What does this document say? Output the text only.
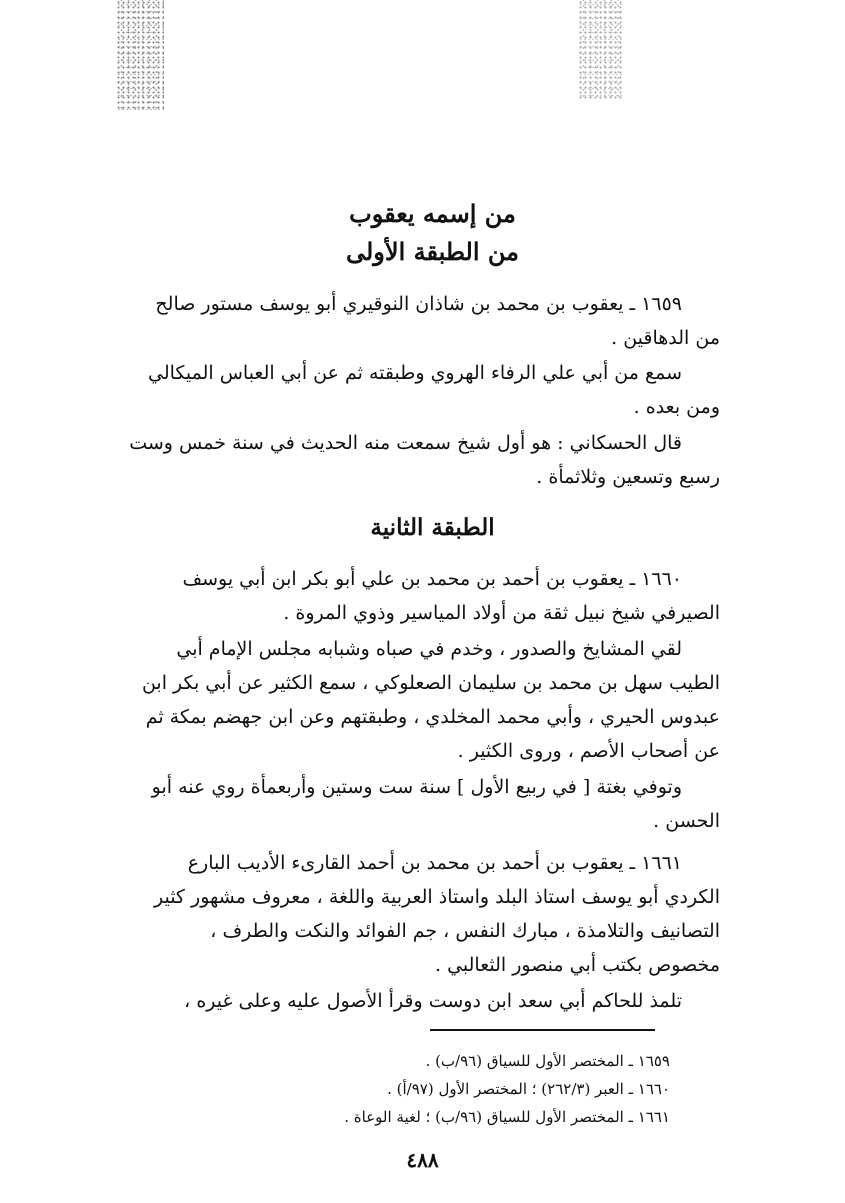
من إسمه يعقوب
من الطبقة الأولى
١٦٥٩ ـ يعقوب بن محمد بن شاذان النوقيري أبو يوسف مستور صالح
من الدهاقين .
سمع من أبي علي الرفاء الهروي وطبقته ثم عن أبي العباس الميكالي
ومن بعده .
قال الحسكاني : هو أول شيخ سمعت منه الحديث في سنة خمس وست
رسبع وتسعين وثلاثمأة .
الطبقة الثانية
١٦٦٠ ـ يعقوب بن أحمد بن محمد بن علي أبو بكر ابن أبي يوسف
الصيرفي شيخ نبيل ثقة من أولاد المياسير وذوي المروة .
لقي المشايخ والصدور ، وخدم في صباه وشبابه مجلس الإمام أبي
الطيب سهل بن محمد بن سليمان الصعلوكي ، سمع الكثير عن أبي بكر ابن
عبدوس الحيري ، وأبي محمد المخلدي ، وطبقتهم وعن ابن جهضم بمكة ثم
عن أصحاب الأصم ، وروى الكثير .
وتوفي بغتة [ في ربيع الأول ] سنة ست وستين وأربعمأة روي عنه أبو
الحسن .
١٦٦١ ـ يعقوب بن أحمد بن محمد بن أحمد القارىء الأديب البارع
الكردي أبو يوسف استاذ البلد واستاذ العربية واللغة ، معروف مشهور كثير
التصانيف والتلامذة ، مبارك النفس ، جم الفوائد والنكت والطرف ،
مخصوص بكتب أبي منصور الثعالبي .
تلمذ للحاكم أبي سعد ابن دوست وقرأ الأصول عليه وعلى غيره ،
١٦٥٩ ـ المختصر الأول للسياق (٩٦/ب) .
١٦٦٠ ـ العبر (٢٦٢/٣) ؛ المختصر الأول (٩٧/أ) .
١٦٦١ ـ المختصر الأول للسياق (٩٦/ب) ؛ لغية الوعاة .
٤٨٨
